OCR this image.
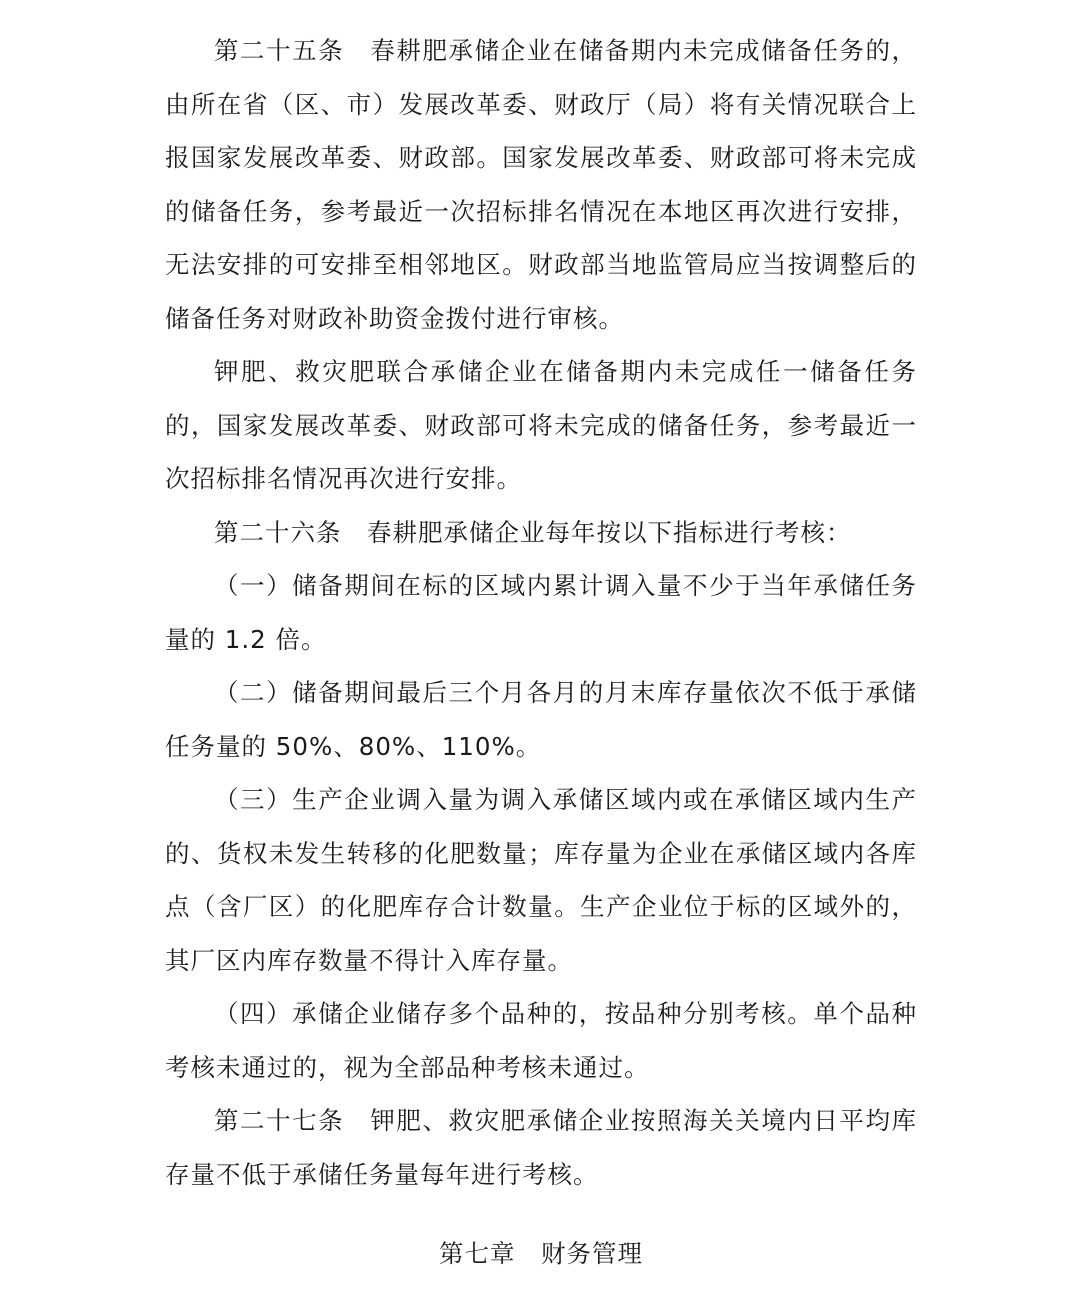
第二十五条　春耕肥承储企业在储备期内未完成储备任务的，由所在省（区、市）发展改革委、财政厅（局）将有关情况联合上报国家发展改革委、财政部。国家发展改革委、财政部可将未完成的储备任务，参考最近一次招标排名情况在本地区再次进行安排，无法安排的可安排至相邻地区。财政部当地监管局应当按调整后的储备任务对财政补助资金拨付进行审核。

钾肥、救灾肥联合承储企业在储备期内未完成任一储备任务的，国家发展改革委、财政部可将未完成的储备任务，参考最近一次招标排名情况再次进行安排。

第二十六条　春耕肥承储企业每年按以下指标进行考核：

（一）储备期间在标的区域内累计调入量不少于当年承储任务量的 1.2 倍。

（二）储备期间最后三个月各月的月末库存量依次不低于承储任务量的 50%、80%、110%。

（三）生产企业调入量为调入承储区域内或在承储区域内生产的、货权未发生转移的化肥数量；库存量为企业在承储区域内各库点（含厂区）的化肥库存合计数量。生产企业位于标的区域外的，其厂区内库存数量不得计入库存量。

（四）承储企业储存多个品种的，按品种分别考核。单个品种考核未通过的，视为全部品种考核未通过。

第二十七条　钾肥、救灾肥承储企业按照海关关境内日平均库存量不低于承储任务量每年进行考核。

第七章　财务管理
